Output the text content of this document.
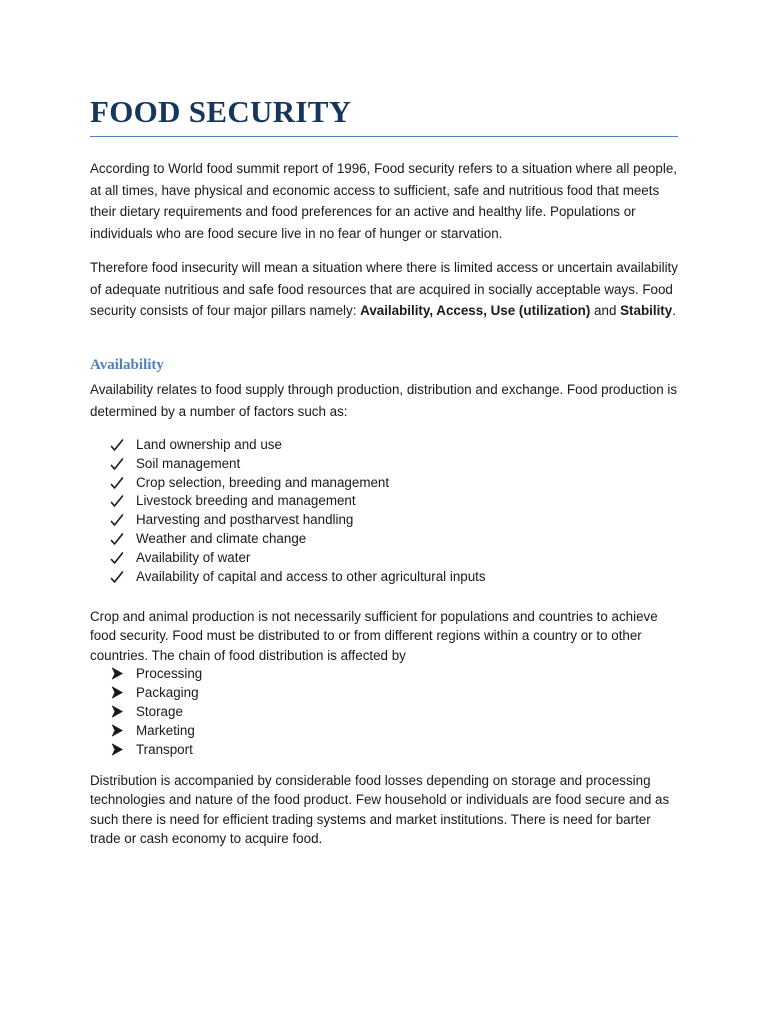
FOOD SECURITY

According to World food summit report of 1996, Food security refers to a situation where all people, at all times, have physical and economic access to sufficient, safe and nutritious food that meets their dietary requirements and food preferences for an active and healthy life. Populations or individuals who are food secure live in no fear of hunger or starvation.

Therefore food insecurity will mean a situation where there is limited access or uncertain availability of adequate nutritious and safe food resources that are acquired in socially acceptable ways. Food security consists of four major pillars namely: Availability, Access, Use (utilization) and Stability.

Availability

Availability relates to food supply through production, distribution and exchange. Food production is determined by a number of factors such as:

Land ownership and use
Soil management
Crop selection, breeding and management
Livestock breeding and management
Harvesting and postharvest handling
Weather and climate change
Availability of water
Availability of capital and access to other agricultural inputs

Crop and animal production is not necessarily sufficient for populations and countries to achieve food security. Food must be distributed to or from different regions within a country or to other countries. The chain of food distribution is affected by

Processing
Packaging
Storage
Marketing
Transport

Distribution is accompanied by considerable food losses depending on storage and processing technologies and nature of the food product. Few household or individuals are food secure and as such there is need for efficient trading systems and market institutions. There is need for barter trade or cash economy to acquire food.
